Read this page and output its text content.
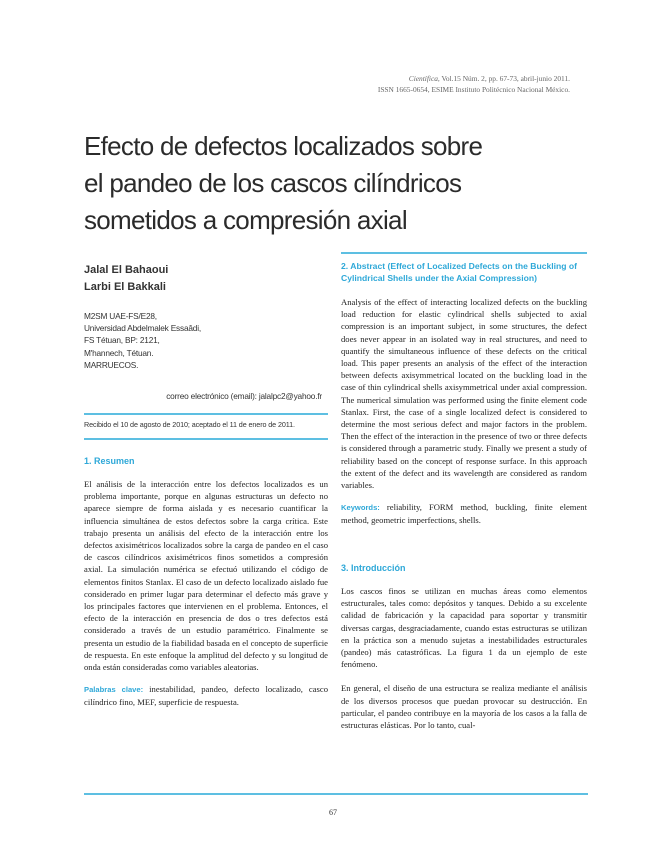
Científica, Vol.15 Núm. 2, pp. 67-73, abril-junio 2011.
ISSN 1665-0654, ESIME Instituto Politécnico Nacional México.
Efecto de defectos localizados sobre
el pandeo de los cascos cilíndricos
sometidos a compresión axial
Jalal El Bahaoui
Larbi El Bakkali
M2SM UAE-FS/E28,
Universidad Abdelmalek Essaâdi,
FS Tétuan, BP: 2121,
M'hannech, Tétuan.
MARRUECOS.
correo electrónico (email): jalalpc2@yahoo.fr
Recibido el 10 de agosto de 2010; aceptado el 11 de enero de 2011.
1. Resumen

El análisis de la interacción entre los defectos localizados es un problema importante, porque en algunas estructuras un defecto no aparece siempre de forma aislada y es necesario cuantificar la influencia simultánea de estos defectos sobre la carga crítica. Este trabajo presenta un análisis del efecto de la interacción entre los defectos axisimétricos localizados sobre la carga de pandeo en el caso de cascos cilíndricos axisimétricos finos sometidos a compresión axial. La simulación numérica se efectuó utilizando el código de elementos finitos Stanlax. El caso de un defecto localizado aislado fue considerado en primer lugar para determinar el defecto más grave y los principales factores que intervienen en el problema. Entonces, el efecto de la interacción en presencia de dos o tres defectos está considerado a través de un estudio paramétrico. Finalmente se presenta un estudio de la fiabilidad basada en el concepto de superficie de respuesta. En este enfoque la amplitud del defecto y su longitud de onda están consideradas como variables aleatorias.

Palabras clave: inestabilidad, pandeo, defecto localizado, casco cilíndrico fino, MEF, superficie de respuesta.

2. Abstract (Effect of Localized Defects on the Buckling of Cylindrical Shells under the Axial Compression)

Analysis of the effect of interacting localized defects on the buckling load reduction for elastic cylindrical shells subjected to axial compression is an important subject, in some structures, the defect does never appear in an isolated way in real structures, and need to quantify the simultaneous influence of these defects on the critical load. This paper presents an analysis of the effect of the interaction between defects axisymmetrical located on the buckling load in the case of thin cylindrical shells axisymmetrical under axial compression. The numerical simulation was performed using the finite element code Stanlax. First, the case of a single localized defect is considered to determine the most serious defect and major factors in the problem. Then the effect of the interaction in the presence of two or three defects is considered through a parametric study. Finally we present a study of reliability based on the concept of response surface. In this approach the extent of the defect and its wavelength are considered as random variables.

Keywords: reliability, FORM method, buckling, finite element method, geometric imperfections, shells.

3. Introducción

Los cascos finos se utilizan en muchas áreas como elementos estructurales, tales como: depósitos y tanques. Debido a su excelente calidad de fabricación y la capacidad para soportar y transmitir diversas cargas, desgraciadamente, cuando estas estructuras se utilizan en la práctica son a menudo sujetas a inestabilidades estructurales (pandeo) más catastróficas. La figura 1 da un ejemplo de este fenómeno.

En general, el diseño de una estructura se realiza mediante el análisis de los diversos procesos que puedan provocar su destrucción. En particular, el pandeo contribuye en la mayoría de los casos a la falla de estructuras elásticas. Por lo tanto, cual-

67
